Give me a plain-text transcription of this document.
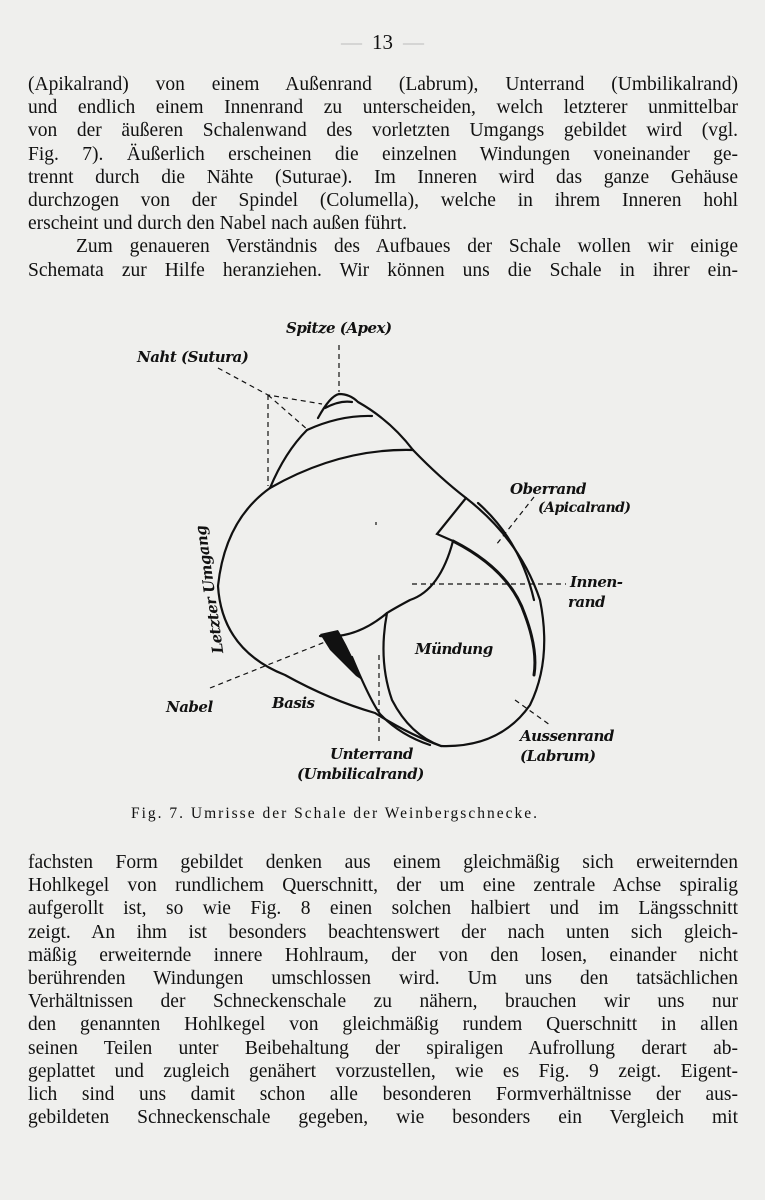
— 13 —
(Apikalrand) von einem Außenrand (Labrum), Unterrand (Umbilikalrand)
und endlich einem Innenrand zu unterscheiden, welch letzterer unmittelbar
von der äußeren Schalenwand des vorletzten Umgangs gebildet wird (vgl.
Fig. 7). Äußerlich erscheinen die einzelnen Windungen voneinander ge-
trennt durch die Nähte (Suturae). Im Inneren wird das ganze Gehäuse
durchzogen von der Spindel (Columella), welche in ihrem Inneren hohl
erscheint und durch den Nabel nach außen führt.
Zum genaueren Verständnis des Aufbaues der Schale wollen wir einige
Schemata zur Hilfe heranziehen. Wir können uns die Schale in ihrer ein-
Spitze (Apex)
Naht (Sutura)
Oberrand
(Apicalrand)
Innen-
rand
Mündung
Letzter Umgang
Nabel	Basis
Unterrand
(Umbilicalrand)
Aussenrand
(Labrum)
Fig. 7. Umrisse der Schale der Weinbergschnecke.
fachsten Form gebildet denken aus einem gleichmäßig sich erweiternden
Hohlkegel von rundlichem Querschnitt, der um eine zentrale Achse spiralig
aufgerollt ist, so wie Fig. 8 einen solchen halbiert und im Längsschnitt
zeigt. An ihm ist besonders beachtenswert der nach unten sich gleich-
mäßig erweiternde innere Hohlraum, der von den losen, einander nicht
berührenden Windungen umschlossen wird. Um uns den tatsächlichen
Verhältnissen der Schneckenschale zu nähern, brauchen wir uns nur
den genannten Hohlkegel von gleichmäßig rundem Querschnitt in allen
seinen Teilen unter Beibehaltung der spiraligen Aufrollung derart ab-
geplattet und zugleich genähert vorzustellen, wie es Fig. 9 zeigt. Eigent-
lich sind uns damit schon alle besonderen Formverhältnisse der aus-
gebildeten Schneckenschale gegeben, wie besonders ein Vergleich mit
